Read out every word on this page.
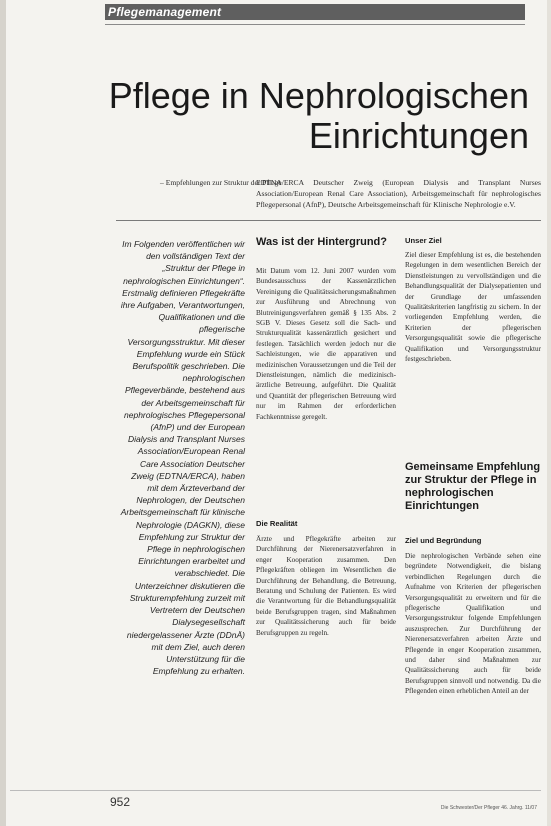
Pflegemanagement
Pflege in Nephrologischen
Einrichtungen
– Empfehlungen zur Struktur der Pflege
EDTNA/ERCA Deutscher Zweig (European Dialysis and Transplant Nurses Association/European Renal Care Association), Arbeitsgemeinschaft für nephrologisches Pflegepersonal (AfnP), Deutsche Arbeitsgemeinschaft für Klinische Nephrologie e.V.
Im Folgenden veröffentlichen wir den vollständigen Text der „Struktur der Pflege in nephrologischen Einrichtungen“. Erstmalig definieren Pflegekräfte ihre Aufgaben, Verantwortungen, Qualifikationen und die pflegerische Versorgungsstruktur. Mit dieser Empfehlung wurde ein Stück Berufspolitik geschrieben. Die nephrologischen Pflegeverbände, bestehend aus der Arbeitsgemeinschaft für nephrologisches Pflegepersonal (AfnP) und der European Dialysis and Transplant Nurses Association/European Renal Care Association Deutscher Zweig (EDTNA/ERCA), haben mit dem Ärzteverband der Nephrologen, der Deutschen Arbeitsgemeinschaft für klinische Nephrologie (DAGKN), diese Empfehlung zur Struktur der Pflege in nephrologischen Einrichtungen erarbeitet und verabschiedet. Die Unterzeichner diskutieren die Strukturempfehlung zurzeit mit Vertretern der Deutschen Dialysegesellschaft niedergelassener Ärzte (DDnÄ) mit dem Ziel, auch deren Unterstützung für die Empfehlung zu erhalten.
Was ist der Hintergrund?
Mit Datum vom 12. Juni 2007 wurden vom Bundesausschuss der Kassenärztlichen Vereinigung die Qualitätssicherungsmaßnahmen zur Ausführung und Abrechnung von Blutreinigungsverfahren gemäß § 135 Abs. 2 SGB V. Dieses Gesetz soll die Sach- und Strukturqualität kassenärztlich gesichert und festlegen. Tatsächlich werden jedoch nur die Sachleistungen, wie die apparativen und medizinischen Voraussetzungen und die Teil der Dienstleistungen, nämlich die medizinisch-ärztliche Betreuung, aufgeführt. Die Qualität und Quantität der pflegerischen Betreuung wird nur im Rahmen der erforderlichen Fachkenntnisse geregelt.
Die Realität
Ärzte und Pflegekräfte arbeiten zur Durchführung der Nierenersatzverfahren in enger Kooperation zusammen. Den Pflegekräften obliegen im Wesentlichen die Durchführung der Behandlung, die Betreuung, Beratung und Schulung der Patienten. Es wird die Verantwortung für die Behandlungsqualität beide Berufsgruppen tragen, sind Maßnahmen zur Qualitätssicherung auch für beide Berufsgruppen zu regeln.
Unser Ziel
Ziel dieser Empfehlung ist es, die bestehenden Regelungen in dem wesentlichen Bereich der Dienstleistungen zu vervollständigen und die Behandlungsqualität der Dialysepatienten und der Grundlage der umfassenden Qualitätskriterien langfristig zu sichern. In der vorliegenden Empfehlung werden, die Kriterien der pflegerischen Versorgungsqualität sowie die pflegerische Qualifikation und Versorgungsstruktur festgeschrieben.
Gemeinsame Empfehlung zur Struktur der Pflege in nephrologischen Einrichtungen
Ziel und Begründung
Die nephrologischen Verbände sehen eine begründete Notwendigkeit, die bislang verbindlichen Regelungen durch die Aufnahme von Kriterien der pflegerischen Versorgungsqualität zu erweitern und für die pflegerische Qualifikation und Versorgungsstruktur folgende Empfehlungen auszusprechen. Zur Durchführung der Nierenersatzverfahren arbeiten Ärzte und Pflegende in enger Kooperation zusammen, und daher sind Maßnahmen zur Qualitätssicherung auch für beide Berufsgruppen sinnvoll und notwendig. Da die Pflegenden einen erheblichen Anteil an der
952	Die Schwester/Der Pfleger 46. Jahrg. 11/07
